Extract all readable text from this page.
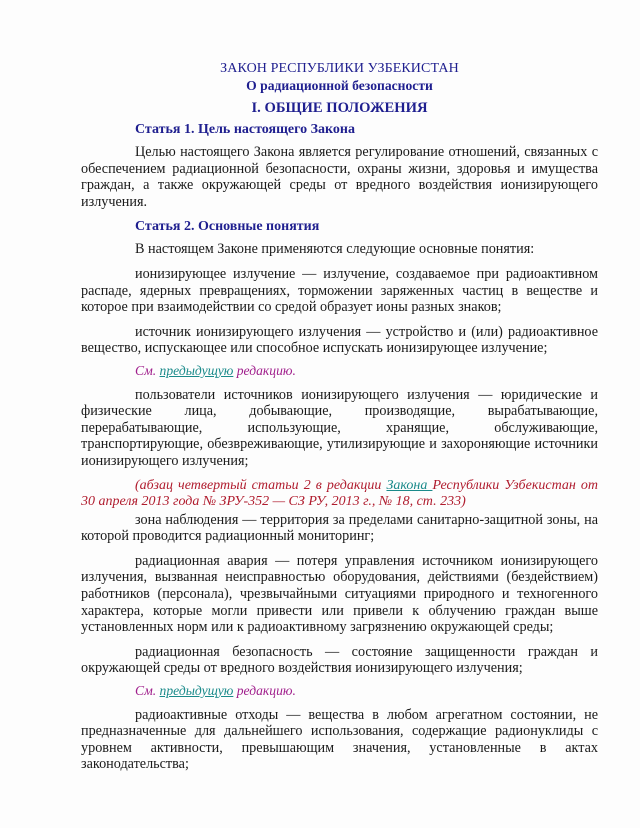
ЗАКОН РЕСПУБЛИКИ УЗБЕКИСТАН
О радиационной безопасности
I. ОБЩИЕ ПОЛОЖЕНИЯ
Статья 1. Цель настоящего Закона

Целью настоящего Закона является регулирование отношений, связанных с обеспечением радиационной безопасности, охраны жизни, здоровья и имущества граждан, а также окружающей среды от вредного воздействия ионизирующего излучения.

Статья 2. Основные понятия

В настоящем Законе применяются следующие основные понятия:

ионизирующее излучение — излучение, создаваемое при радиоактивном распаде, ядерных превращениях, торможении заряженных частиц в веществе и которое при взаимодействии со средой образует ионы разных знаков;

источник ионизирующего излучения — устройство и (или) радиоактивное вещество, испускающее или способное испускать ионизирующее излучение;

См. предыдущую редакцию.

пользователи источников ионизирующего излучения — юридические и физические лица, добывающие, производящие, вырабатывающие, перерабатывающие, использующие, хранящие, обслуживающие, транспортирующие, обезвреживающие, утилизирующие и захороняющие источники ионизирующего излучения;

(абзац четвертый статьи 2 в редакции Закона Республики Узбекистан от 30 апреля 2013 года № ЗРУ-352 — СЗ РУ, 2013 г., № 18, ст. 233)

зона наблюдения — территория за пределами санитарно-защитной зоны, на которой проводится радиационный мониторинг;

радиационная авария — потеря управления источником ионизирующего излучения, вызванная неисправностью оборудования, действиями (бездействием) работников (персонала), чрезвычайными ситуациями природного и техногенного характера, которые могли привести или привели к облучению граждан выше установленных норм или к радиоактивному загрязнению окружающей среды;

радиационная безопасность — состояние защищенности граждан и окружающей среды от вредного воздействия ионизирующего излучения;

См. предыдущую редакцию.

радиоактивные отходы — вещества в любом агрегатном состоянии, не предназначенные для дальнейшего использования, содержащие радионуклиды с уровнем активности, превышающим значения, установленные в актах законодательства;
